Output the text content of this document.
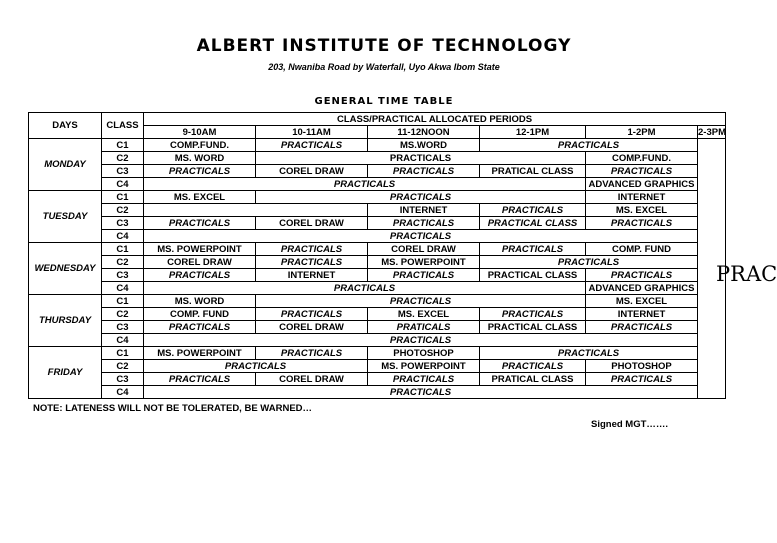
ALBERT INSTITUTE OF TECHNOLOGY
203, Nwaniba Road by Waterfall, Uyo Akwa Ibom State
GENERAL TIME TABLE
DAYS	CLASS	CLASS/PRACTICAL ALLOCATED PERIODS					
		9-10AM	10-11AM	11-12NOON	12-1PM	1-2PM	2-3PM
MONDAY	C1	COMP.FUND.	PRACTICALS	MS.WORD	PRACTICALS		
	C2	MS. WORD	PRACTICALS			COMP.FUND.	
	C3	PRACTICALS	COREL DRAW	PRACTICALS	PRATICAL CLASS	PRACTICALS	
	C4	PRACTICALS				ADVANCED GRAPHICS	
TUESDAY	C1	MS. EXCEL	PRACTICALS			INTERNET	
	C2			INTERNET	PRACTICALS	MS. EXCEL	
	C3	PRACTICALS	COREL DRAW	PRACTICALS	PRACTICAL CLASS	PRACTICALS	
	C4	PRACTICALS					
WEDNESDAY	C1	MS. POWERPOINT	PRACTICALS	COREL DRAW	PRACTICALS	COMP. FUND	
	C2	COREL DRAW	PRACTICALS	MS. POWERPOINT	PRACTICALS		
	C3	PRACTICALS	INTERNET	PRACTICALS	PRACTICAL CLASS	PRACTICALS	
	C4	PRACTICALS				ADVANCED GRAPHICS	
THURSDAY	C1	MS. WORD	PRACTICALS			MS. EXCEL	
	C2	COMP. FUND	PRACTICALS	MS. EXCEL	PRACTICALS	INTERNET	
	C3	PRACTICALS	COREL DRAW	PRATICALS	PRACTICAL CLASS	PRACTICALS	
	C4	PRACTICALS					
FRIDAY	C1	MS. POWERPOINT	PRACTICALS	PHOTOSHOP	PRACTICALS		
	C2	PRACTICALS		MS. POWERPOINT	PRACTICALS	PHOTOSHOP	
	C3	PRACTICALS	COREL DRAW	PRACTICALS	PRATICAL CLASS	PRACTICALS	
	C4	PRACTICALS					
PRAC
NOTE: LATENESS WILL NOT BE TOLERATED, BE WARNED…
Signed MGT…….
